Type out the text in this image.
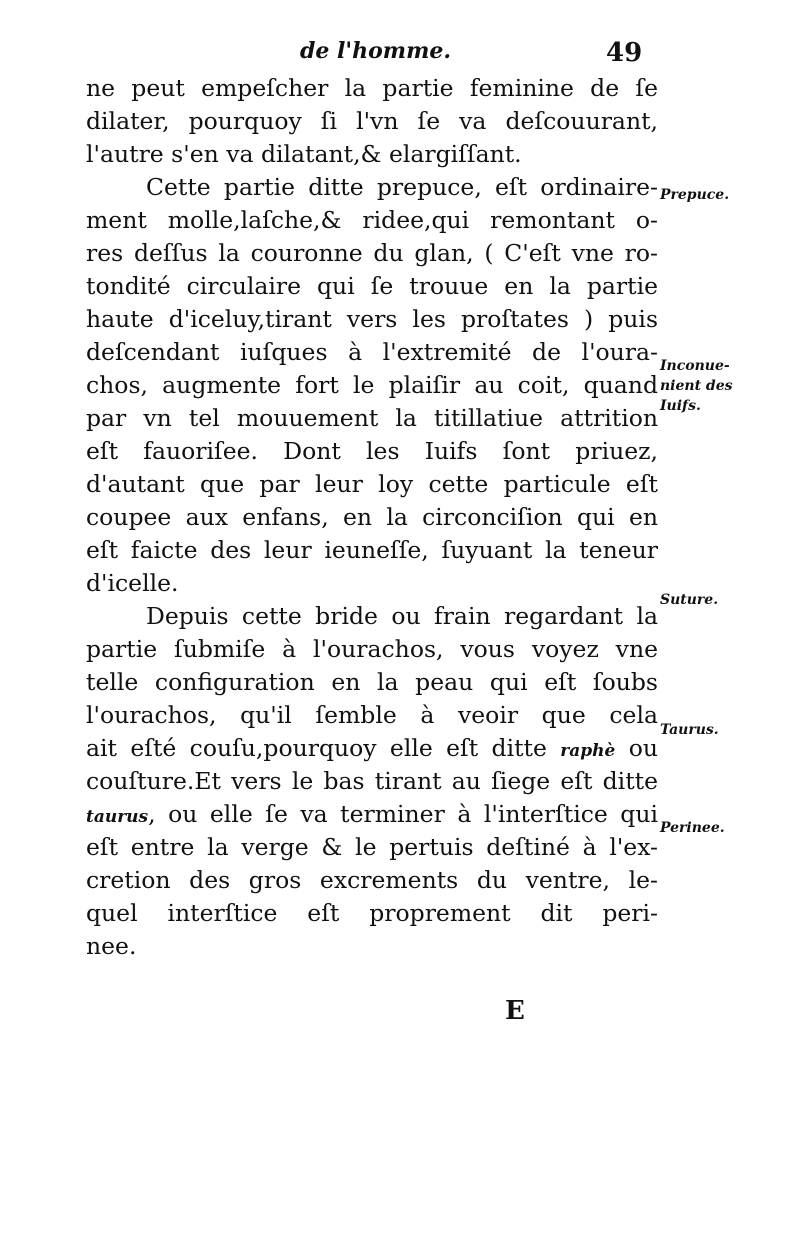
de l'homme.	49
ne peut empeſcher la partie feminine de ſe
dilater, pourquoy ſi l'vn ſe va deſcouurant,
l'autre s'en va dilatant,& elargiſſant.
Cette partie ditte prepuce, eſt ordinaire-
ment molle,laſche,& ridee,qui remontant o-
res deſſus la couronne du glan, ( C'eſt vne ro-
tondité circulaire qui ſe trouue en la partie
haute d'iceluy,tirant vers les proſtates ) puis
deſcendant iuſques à l'extremité de l'oura-
chos, augmente fort le plaiſir au coit, quand
par vn tel mouuement la titillatiue attrition
eſt fauoriſee. Dont les Iuifs ſont priuez,
d'autant que par leur loy cette particule eſt
coupee aux enfans, en la circonciſion qui en
eſt faicte des leur ieuneſſe, ſuyuant la teneur
d'icelle.
Depuis cette bride ou frain regardant la
partie ſubmiſe à l'ourachos, vous voyez vne
telle configuration en la peau qui eſt ſoubs
l'ourachos, qu'il ſemble à veoir que cela
ait eſté couſu,pourquoy elle eſt ditte raphè ou
couſture.Et vers le bas tirant au ſiege eſt ditte
taurus, ou elle ſe va terminer à l'interſtice qui
eſt entre la verge & le pertuis deſtiné à l'ex-
cretion des gros excrements du ventre, le-
quel interſtice eſt proprement dit peri-
nee.
Prepuce.
Inconue-
nient des
Iuifs.
Suture.
Taurus.
Perinee.
E
